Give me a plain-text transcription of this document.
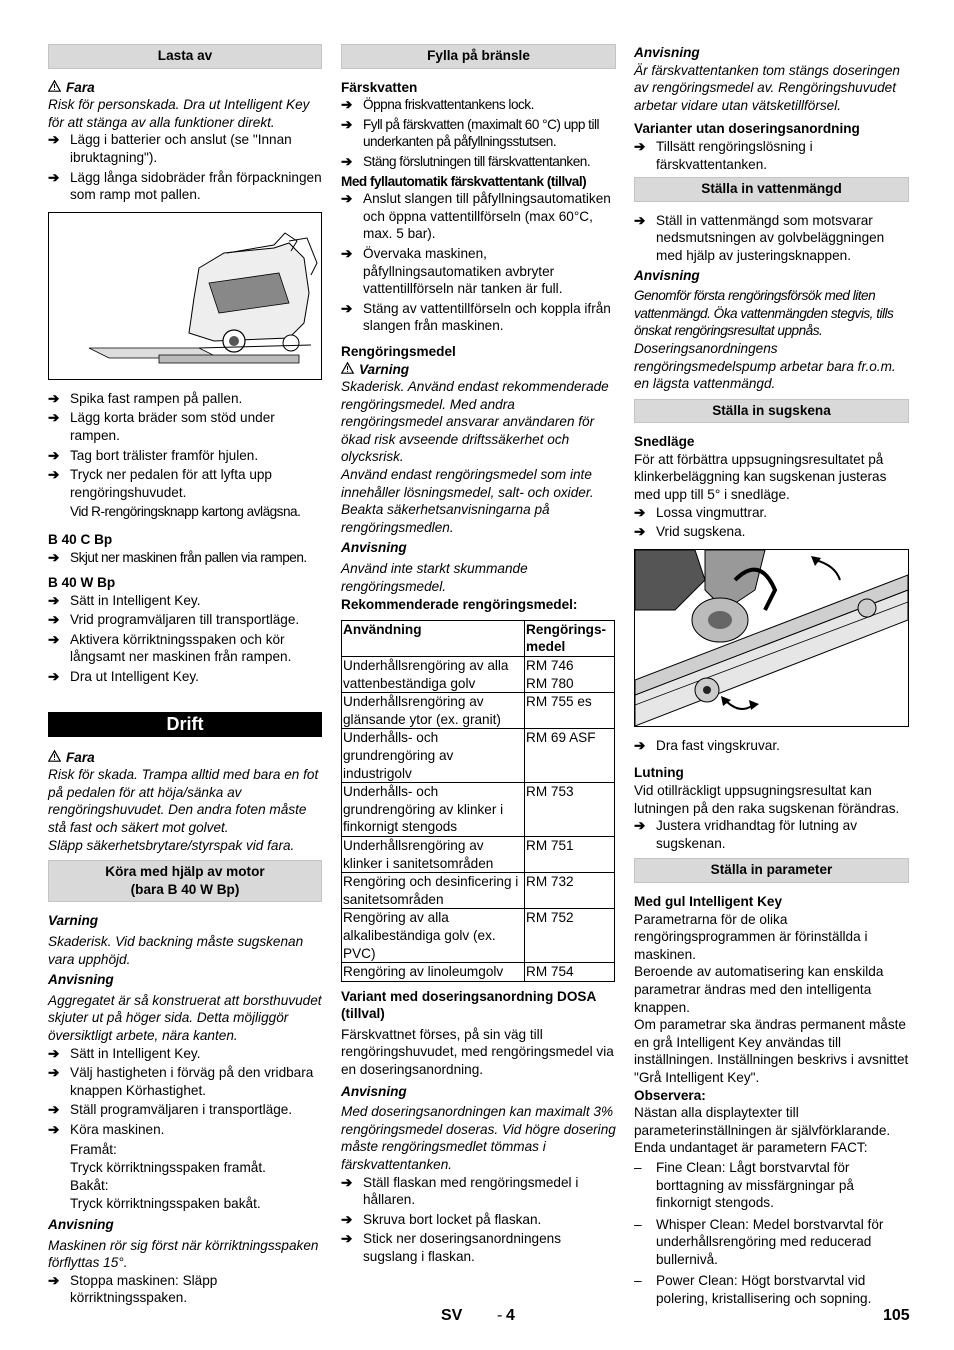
Lasta av

Fara

Risk för personskada. Dra ut Intelligent Key för att stänga av alla funktioner direkt.

➔ Lägg i batterier och anslut (se "Innan ibruktagning").
➔ Lägg långa sidobräder från förpackningen som ramp mot pallen.
➔ Spika fast rampen på pallen.
➔ Lägg korta bräder som stöd under rampen.
➔ Tag bort trälister framför hjulen.
➔ Tryck ner pedalen för att lyfta upp rengöringshuvudet.

Vid R-rengöringsknapp kartong avlägsna.

B 40 C Bp

➔ Skjut ner maskinen från pallen via rampen.

B 40 W Bp

➔ Sätt in Intelligent Key.
➔ Vrid programväljaren till transportläge.
➔ Aktivera körriktningsspaken och kör långsamt ner maskinen från rampen.
➔ Dra ut Intelligent Key.
Drift

Fara

Risk för skada. Trampa alltid med bara en fot på pedalen för att höja/sänka av rengöringshuvudet. Den andra foten måste stå fast och säkert mot golvet.

Släpp säkerhetsbrytare/styrspak vid fara.

Köra med hjälp av motor
(bara B 40 W Bp)

Varning

Skaderisk. Vid backning måste sugskenan vara upphöjd.

Anvisning

Aggregatet är så konstruerat att borsthuvudet skjuter ut på höger sida. Detta möjliggör översiktligt arbete, nära kanten.

➔ Sätt in Intelligent Key.
➔ Välj hastigheten i förväg på den vridbara knappen Körhastighet.
➔ Ställ programväljaren i transportläge.
➔ Köra maskinen.

Framåt:

Tryck körriktningsspaken framåt.

Bakåt:

Tryck körriktningsspaken bakåt.

Anvisning

Maskinen rör sig först när körriktningsspaken förflyttas 15°.

➔ Stoppa maskinen: Släpp körriktningsspaken.
Fylla på bränsle

Färskvatten

➔ Öppna friskvattentankens lock.
➔ Fyll på färskvatten (maximalt 60 °C) upp till underkanten på påfyllningsstutsen.
➔ Stäng förslutningen till färskvattentanken.

Med fyllautomatik färskvattentank (tillval)

➔ Anslut slangen till påfyllningsautomatiken och öppna vattentillförseln (max 60°C, max. 5 bar).
➔ Övervaka maskinen, påfyllningsautomatiken avbryter vattentillförseln när tanken är full.
➔ Stäng av vattentillförseln och koppla ifrån slangen från maskinen.

Rengöringsmedel

Varning

Skaderisk. Använd endast rekommenderade rengöringsmedel. Med andra rengöringsmedel ansvarar användaren för ökad risk avseende driftssäkerhet och olycksrisk.

Använd endast rengöringsmedel som inte innehåller lösningsmedel, salt- och oxider. Beakta säkerhetsanvisningarna på rengöringsmedlen.

Anvisning

Använd inte starkt skummande rengöringsmedel.

Rekommenderade rengöringsmedel:

Användning	Rengörings-medel
Underhållsrengöring av alla vattenbeständiga golv	RM 746
RM 780
Underhållsrengöring av glänsande ytor (ex. granit)	RM 755 es
Underhålls- och grundrengöring av industrigolv	RM 69 ASF
Underhålls- och grundrengöring av klinker i finkornigt stengods	RM 753
Underhållsrengöring av klinker i sanitetsområden	RM 751
Rengöring och desinficering i sanitetsområden	RM 732
Rengöring av alla alkalibeständiga golv (ex. PVC)	RM 752
Rengöring av linoleumgolv	RM 754

Variant med doseringsanordning DOSA (tillval)

Färskvattnet förses, på sin väg till rengöringshuvudet, med rengöringsmedel via en doseringsanordning.

Anvisning

Med doseringsanordningen kan maximalt 3% rengöringsmedel doseras. Vid högre dosering måste rengöringsmedlet tömmas i färskvattentanken.

➔ Ställ flaskan med rengöringsmedel i hållaren.
➔ Skruva bort locket på flaskan.
➔ Stick ner doseringsanordningens sugslang i flaskan.

Anvisning

Är färskvattentanken tom stängs doseringen av rengöringsmedel av. Rengöringshuvudet arbetar vidare utan vätsketillförsel.

Varianter utan doseringsanordning

➔ Tillsätt rengöringslösning i färskvattentanken.
Ställa in vattenmängd
➔ Ställ in vattenmängd som motsvarar nedsmutsningen av golvbeläggningen med hjälp av justeringsknappen.

Anvisning

Genomför första rengöringsförsök med liten vattenmängd. Öka vattenmängden stegvis, tills önskat rengöringsresultat uppnås.

Doseringsanordningens rengöringsmedelspump arbetar bara fr.o.m. en lägsta vattenmängd.

Ställa in sugskena

Snedläge

För att förbättra uppsugningsresultatet på klinkerbeläggning kan sugskenan justeras med upp till 5° i snedläge.

➔ Lossa vingmuttrar.
➔ Vrid sugskena.
➔ Dra fast vingskruvar.

Lutning

Vid otillräckligt uppsugningsresultat kan lutningen på den raka sugskenan förändras.

➔ Justera vridhandtag för lutning av sugskenan.
Ställa in parameter

Med gul Intelligent Key

Parametrarna för de olika rengöringsprogrammen är förinställda i maskinen.

Beroende av automatisering kan enskilda parametrar ändras med den intelligenta knappen.

Om parametrar ska ändras permanent måste en grå Intelligent Key användas till inställningen. Inställningen beskrivs i avsnittet "Grå Intelligent Key".

Observera:

Nästan alla displaytexter till parameterinställningen är självförklarande. Enda undantaget är parametern FACT:

–	Fine Clean: Lågt borstvarvtal för borttagning av missfärgningar på finkornigt stengods.
–	Whisper Clean: Medel borstvarvtal för underhållsrengöring med reducerad bullernivå.
–	Power Clean: Högt borstvarvtal vid polering, kristallisering och sopning.
SV - 4	105
